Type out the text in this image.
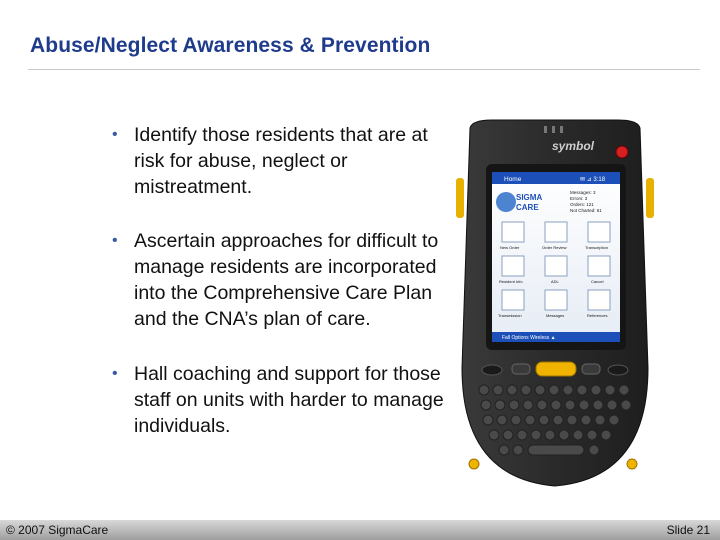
Abuse/Neglect Awareness & Prevention
• Identify those residents that are at risk for abuse, neglect or mistreatment.
• Ascertain approaches for difficult to manage residents are incorporated into the Comprehensive Care Plan and the CNA’s plan of care.
• Hall coaching and support for those staff on units with harder to manage individuals.
symbol
Home	✉ ⊿ 3:18
SIGMA
CARE
Messages: 3
Errors: 3
Orders: 121
Not Charted: 61
New Order	Order Review	Transcription
Resident Info	ADL	Cancel
Transmission	Messages	References
Fall Options Wireless ▲
© 2007 SigmaCare	Slide 21
